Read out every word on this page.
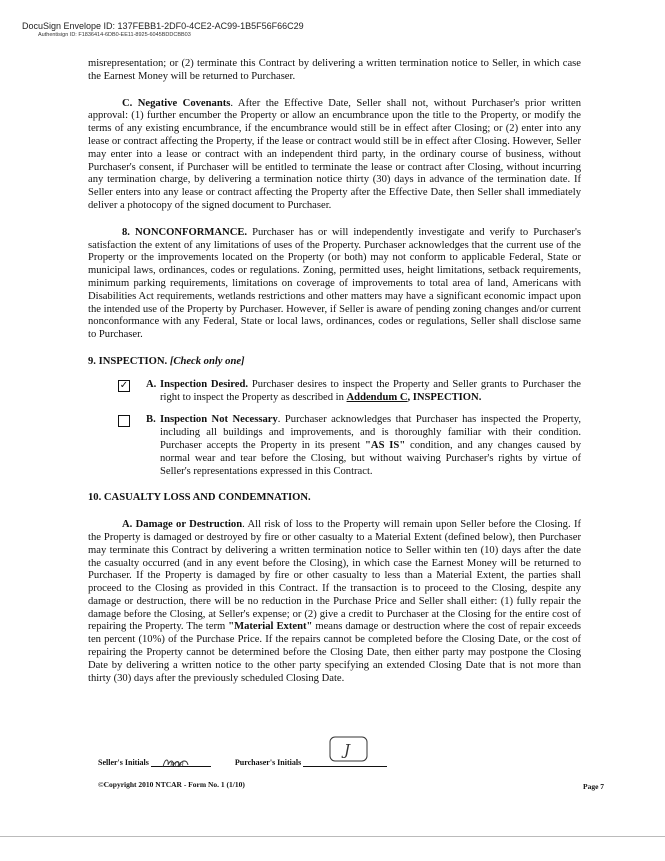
DocuSign Envelope ID: 137FEBB1-2DF0-4CE2-AC99-1B5F56F66C29
Authentisign ID: F1836414-6DB0-EE11-8925-6045BDDCBB03

misrepresentation; or (2) terminate this Contract by delivering a written termination notice to Seller, in which case the Earnest Money will be returned to Purchaser.

C. Negative Covenants. After the Effective Date, Seller shall not, without Purchaser's prior written approval: (1) further encumber the Property or allow an encumbrance upon the title to the Property, or modify the terms of any existing encumbrance, if the encumbrance would still be in effect after Closing; or (2) enter into any lease or contract affecting the Property, if the lease or contract would still be in effect after Closing. However, Seller may enter into a lease or contract with an independent third party, in the ordinary course of business, without Purchaser's consent, if Purchaser will be entitled to terminate the lease or contract after Closing, without incurring any termination charge, by delivering a termination notice thirty (30) days in advance of the termination date. If Seller enters into any lease or contract affecting the Property after the Effective Date, then Seller shall immediately deliver a photocopy of the signed document to Purchaser.

8. NONCONFORMANCE. Purchaser has or will independently investigate and verify to Purchaser's satisfaction the extent of any limitations of uses of the Property. Purchaser acknowledges that the current use of the Property or the improvements located on the Property (or both) may not conform to applicable Federal, State or municipal laws, ordinances, codes or regulations. Zoning, permitted uses, height limitations, setback requirements, minimum parking requirements, limitations on coverage of improvements to total area of land, Americans with Disabilities Act requirements, wetlands restrictions and other matters may have a significant economic impact upon the intended use of the Property by Purchaser. However, if Seller is aware of pending zoning changes and/or current nonconformance with any Federal, State or local laws, ordinances, codes or regulations, Seller shall disclose same to Purchaser.

9. INSPECTION. [Check only one]

✓ A. Inspection Desired. Purchaser desires to inspect the Property and Seller grants to Purchaser the right to inspect the Property as described in Addendum C, INSPECTION.

B. Inspection Not Necessary. Purchaser acknowledges that Purchaser has inspected the Property, including all buildings and improvements, and is thoroughly familiar with their condition. Purchaser accepts the Property in its present "AS IS" condition, and any changes caused by normal wear and tear before the Closing, but without waiving Purchaser's rights by virtue of Seller's representations expressed in this Contract.

10. CASUALTY LOSS AND CONDEMNATION.

A. Damage or Destruction. All risk of loss to the Property will remain upon Seller before the Closing. If the Property is damaged or destroyed by fire or other casualty to a Material Extent (defined below), then Purchaser may terminate this Contract by delivering a written termination notice to Seller within ten (10) days after the date the casualty occurred (and in any event before the Closing), in which case the Earnest Money will be returned to Purchaser. If the Property is damaged by fire or other casualty to less than a Material Extent, the parties shall proceed to the Closing as provided in this Contract. If the transaction is to proceed to the Closing, despite any damage or destruction, there will be no reduction in the Purchase Price and Seller shall either: (1) fully repair the damage before the Closing, at Seller's expense; or (2) give a credit to Purchaser at the Closing for the entire cost of repairing the Property. The term "Material Extent" means damage or destruction where the cost of repair exceeds ten percent (10%) of the Purchase Price. If the repairs cannot be completed before the Closing Date, or the cost of repairing the Property cannot be determined before the Closing Date, then either party may postpone the Closing Date by delivering a written notice to the other party specifying an extended Closing Date that is not more than thirty (30) days after the previously scheduled Closing Date.

Seller's Initials	Purchaser's Initials
BDB
J
©Copyright 2010 NTCAR - Form No. 1 (1/10)	Page 7
